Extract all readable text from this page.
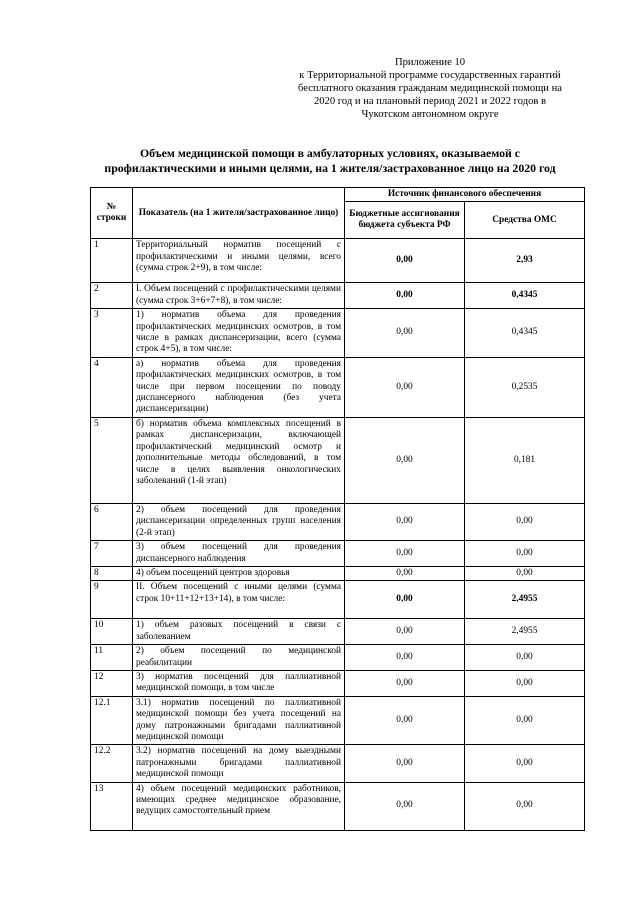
Приложение 10
к Территориальной программе государственных гарантий
бесплатного оказания гражданам медицинской помощи на
2020 год и на плановый период 2021 и 2022 годов в
Чукотском автономном округе
Объем медицинской помощи в амбулаторных условиях, оказываемой с
профилактическими и иными целями, на 1 жителя/застрахованное лицо на 2020 год
№ строки	Показатель (на 1 жителя/застрахованное лицо)	Источник финансового обеспечения	
		Бюджетные ассигнования бюджета субъекта РФ	Средства ОМС
1	Территориальный норматив посещений с профилактическими и иными целями, всего (сумма строк 2+9), в том числе:	0,00	2,93
2	I. Объем посещений с профилактическими целями (сумма строк 3+6+7+8), в том числе:	0,00	0,4345
3	1) норматив объема для проведения профилактических медицинских осмотров, в том числе в рамках диспансеризации, всего (сумма строк 4+5), в том числе:	0,00	0,4345
4	а) норматив объема для проведения профилактических медицинских осмотров, в том числе при первом посещении по поводу диспансерного наблюдения (без учета диспансеризации)	0,00	0,2535
5	б) норматив объема комплексных посещений в рамках диспансеризации, включающей профилактический медицинский осмотр и дополнительные методы обследований, в том числе в целях выявления онкологических заболеваний (1-й этап)	0,00	0,181
6	2) объем посещений для проведения диспансеризации определенных групп населения (2-й этап)	0,00	0,00
7	3) объем посещений для проведения диспансерного наблюдения	0,00	0,00
8	4) объем посещений центров здоровья	0,00	0,00
9	II. Объем посещений с иными целями (сумма строк 10+11+12+13+14), в том числе:	0,00	2,4955
10	1) объем разовых посещений в связи с заболеванием	0,00	2,4955
11	2) объем посещений по медицинской реабилитации	0,00	0,00
12	3) норматив посещений для паллиативной медицинской помощи, в том числе	0,00	0,00
12.1	3.1) норматив посещений по паллиативной медицинской помощи без учета посещений на дому патронажными бригадами паллиативной медицинской помощи	0,00	0,00
12.2	3.2) норматив посещений на дому выездными патронажными бригадами паллиативной медицинской помощи	0,00	0,00
13	4) объем посещений медицинских работников, имеющих среднее медицинское образование, ведущих самостоятельный прием	0,00	0,00
